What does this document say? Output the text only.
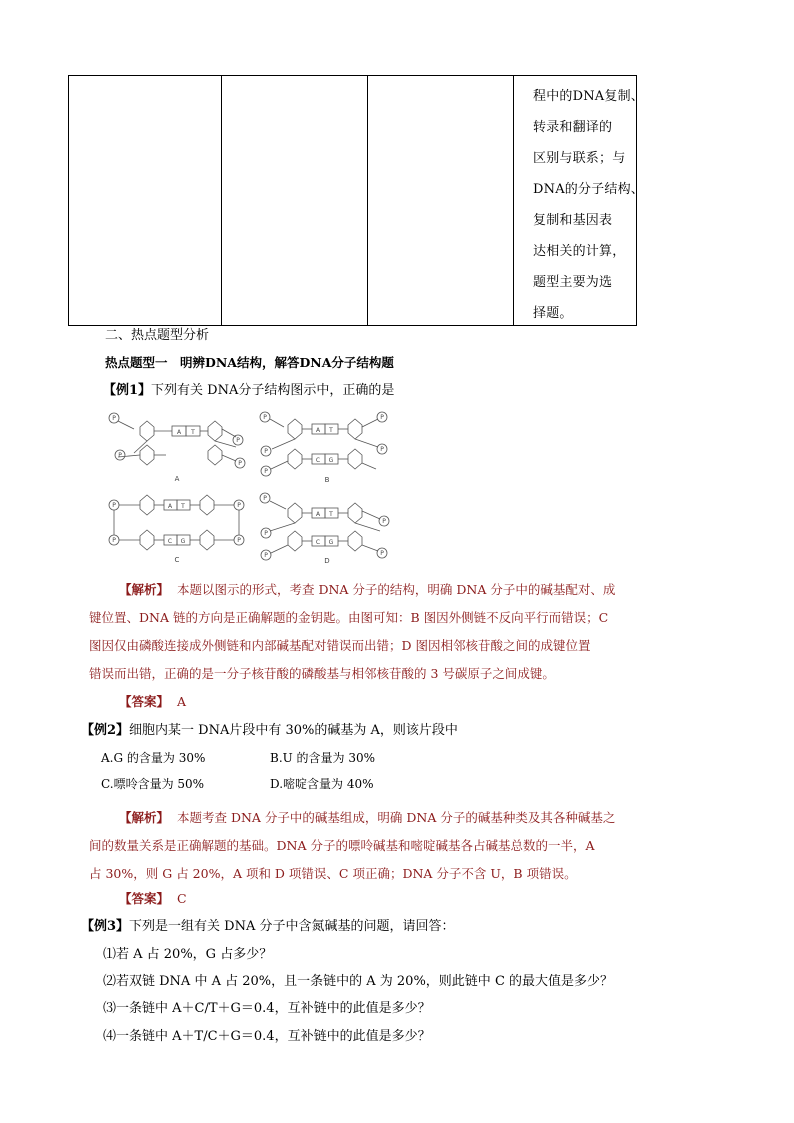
程中的DNA复制、
转录和翻译的
区别与联系；与
DNA的分子结构、
复制和基因表
达相关的计算，
题型主要为选
择题。
二、热点题型分析
热点题型一　明辨DNA结构，解答DNA分子结构题
【例1】下列有关 DNA分子结构图示中，正确的是
P
P
P
P
A T
A
P	P
P	P
P
A T
C G
B
P
P
P
P
A T
C G
C
P
P
P
P
P
A T
C G
D
【解析】 本题以图示的形式，考查 DNA 分子的结构，明确 DNA 分子中的碱基配对、成
键位置、DNA 链的方向是正确解题的金钥匙。由图可知：B 图因外侧链不反向平行而错误；C
图因仅由磷酸连接成外侧链和内部碱基配对错误而出错；D 图因相邻核苷酸之间的成键位置
错误而出错，正确的是一分子核苷酸的磷酸基与相邻核苷酸的 3 号碳原子之间成键。
【答案】 A
【例2】细胞内某一 DNA片段中有 30%的碱基为 A，则该片段中
A.G 的含量为 30%	B.U 的含量为 30%
C.嘌呤含量为 50%	D.嘧啶含量为 40%
【解析】 本题考查 DNA 分子中的碱基组成，明确 DNA 分子的碱基种类及其各种碱基之
间的数量关系是正确解题的基础。DNA 分子的嘌呤碱基和嘧啶碱基各占碱基总数的一半，A
占 30%，则 G 占 20%，A 项和 D 项错误、C 项正确；DNA 分子不含 U，B 项错误。
【答案】 C
【例3】下列是一组有关 DNA 分子中含氮碱基的问题，请回答：
⑴若 A 占 20%，G 占多少？
⑵若双链 DNA 中 A 占 20%，且一条链中的 A 为 20%，则此链中 C 的最大值是多少？
⑶一条链中 A＋C/T＋G＝0.4，互补链中的此值是多少？
⑷一条链中 A＋T/C＋G＝0.4，互补链中的此值是多少？
